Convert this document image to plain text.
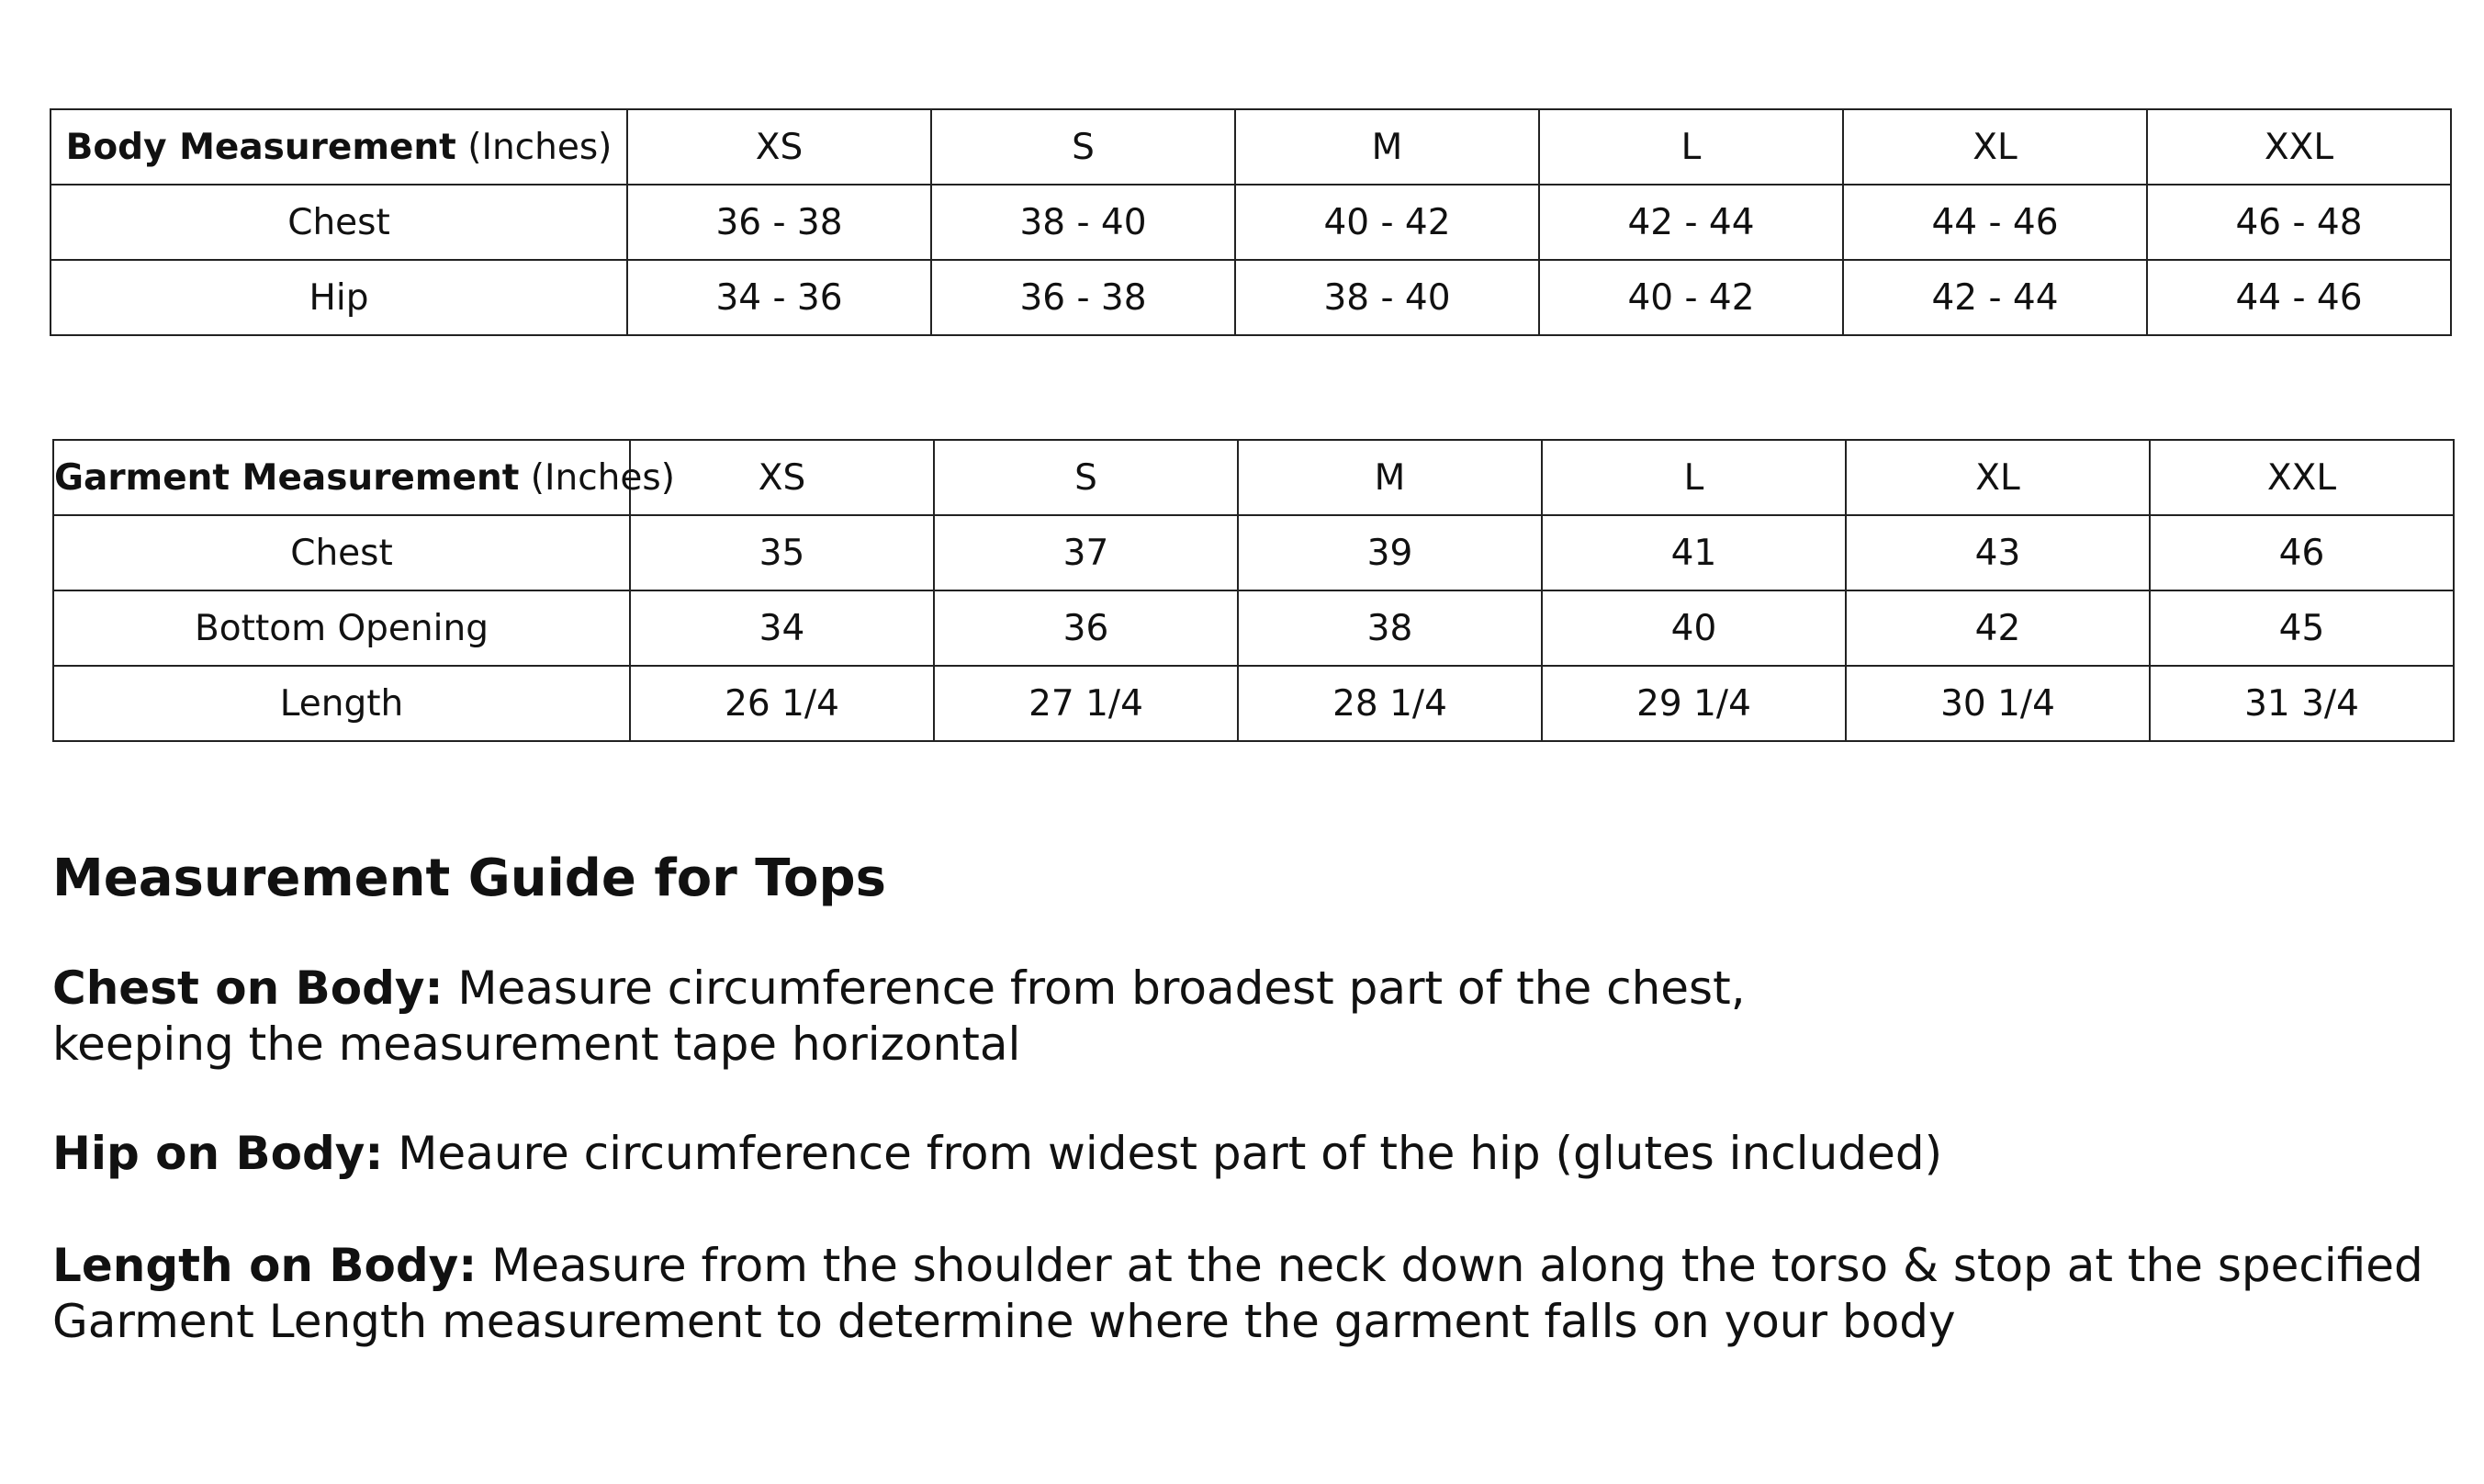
Body Measurement (Inches)	XS	S	M	L	XL	XXL
Chest	36 - 38	38 - 40	40 - 42	42 - 44	44 - 46	46 - 48
Hip	34 - 36	36 - 38	38 - 40	40 - 42	42 - 44	44 - 46
Garment Measurement (Inches)	XS	S	M	L	XL	XXL
Chest	35	37	39	41	43	46
Bottom Opening	34	36	38	40	42	45
Length	26 1/4	27 1/4	28 1/4	29 1/4	30 1/4	31 3/4
Measurement Guide for Tops
Chest on Body: Measure circumference from broadest part of the chest,
keeping the measurement tape horizontal
Hip on Body: Meaure circumference from widest part of the hip (glutes included)
Length on Body: Measure from the shoulder at the neck down along the torso & stop at the specified
Garment Length measurement to determine where the garment falls on your body
